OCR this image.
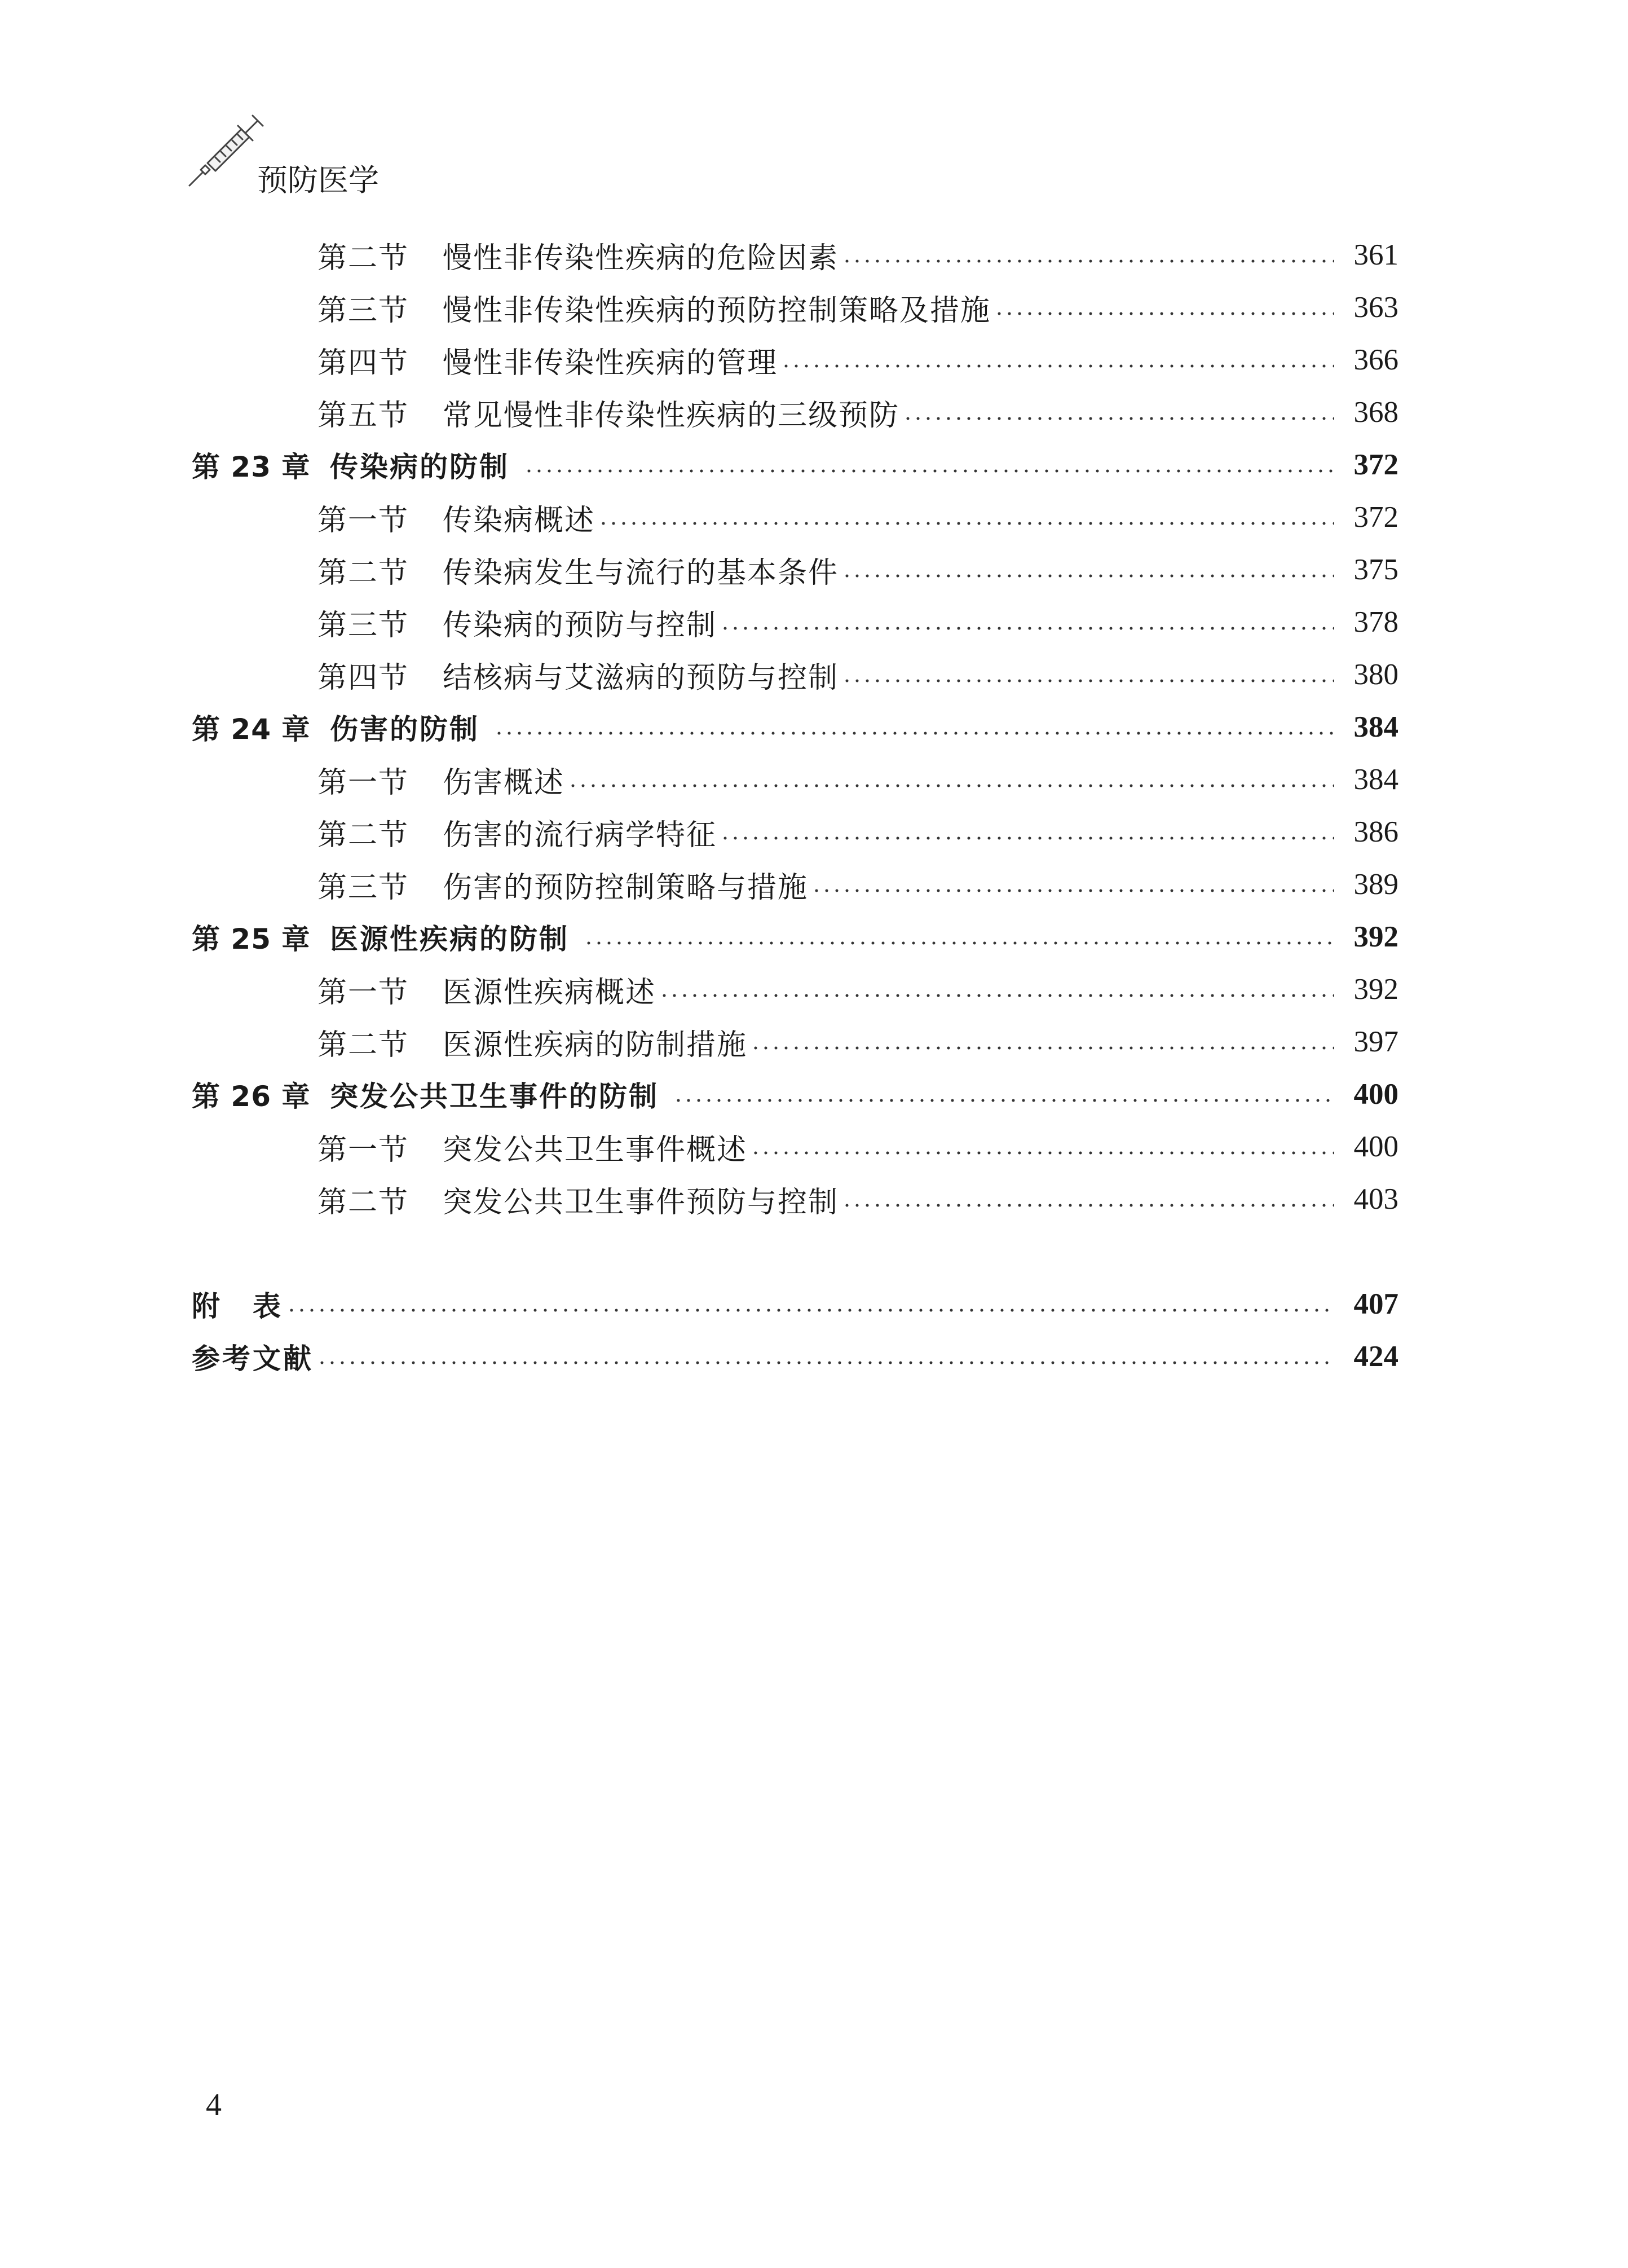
预防医学
第二节	慢性非传染性疾病的危险因素	361
第三节	慢性非传染性疾病的预防控制策略及措施	363
第四节	慢性非传染性疾病的管理	366
第五节	常见慢性非传染性疾病的三级预防	368
第 23 章 传染病的防制	372
第一节	传染病概述	372
第二节	传染病发生与流行的基本条件	375
第三节	传染病的预防与控制	378
第四节	结核病与艾滋病的预防与控制	380
第 24 章 伤害的防制	384
第一节	伤害概述	384
第二节	伤害的流行病学特征	386
第三节	伤害的预防控制策略与措施	389
第 25 章 医源性疾病的防制	392
第一节	医源性疾病概述	392
第二节	医源性疾病的防制措施	397
第 26 章 突发公共卫生事件的防制	400
第一节	突发公共卫生事件概述	400
第二节	突发公共卫生事件预防与控制	403
附　表	407
参考文献	424
4
